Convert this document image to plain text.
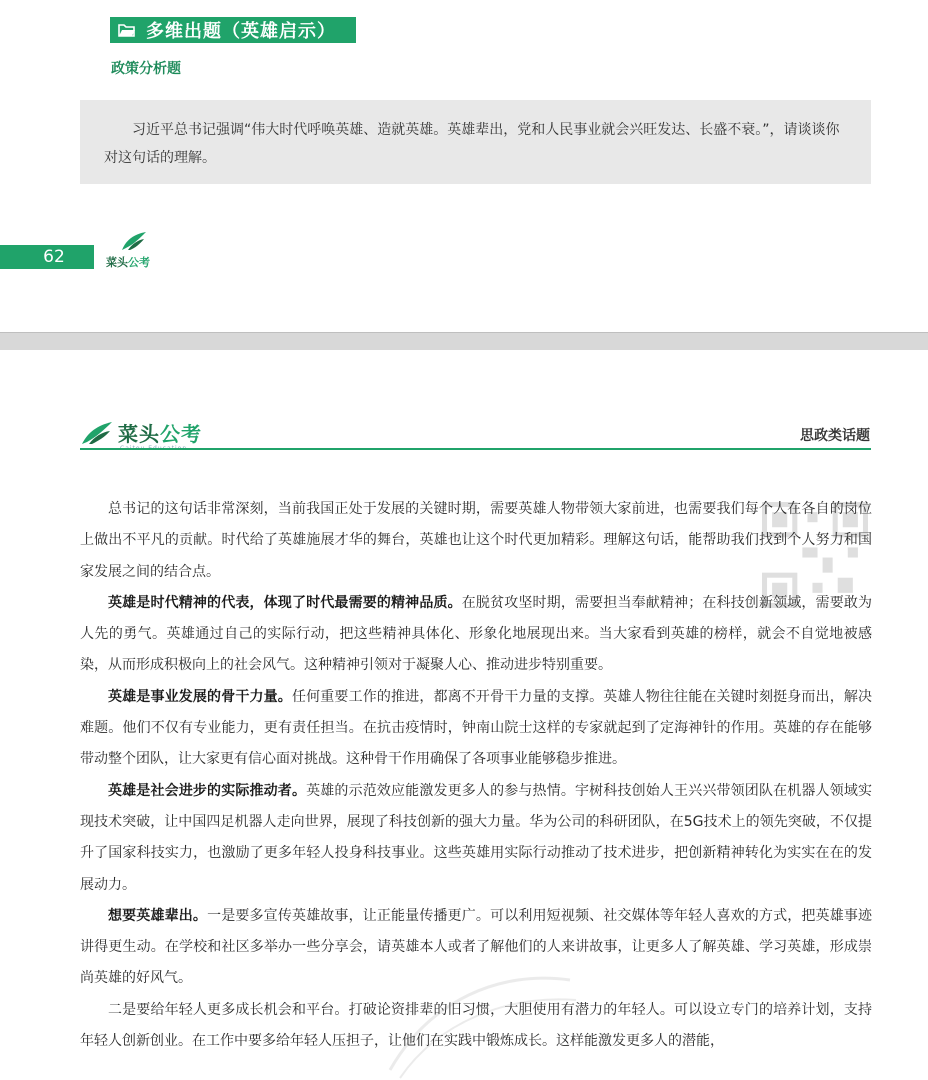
多维出题（英雄启示）
政策分析题

习近平总书记强调“伟大时代呼唤英雄、造就英雄。英雄辈出，党和人民事业就会兴旺发达、长盛不衰。”，请谈谈你对这句话的理解。

62	菜头公考
菜头公考	思政类话题

总书记的这句话非常深刻，当前我国正处于发展的关键时期，需要英雄人物带领大家前进，也需要我们每个人在各自的岗位上做出不平凡的贡献。时代给了英雄施展才华的舞台，英雄也让这个时代更加精彩。理解这句话，能帮助我们找到个人努力和国家发展之间的结合点。

英雄是时代精神的代表，体现了时代最需要的精神品质。在脱贫攻坚时期，需要担当奉献精神；在科技创新领域，需要敢为人先的勇气。英雄通过自己的实际行动，把这些精神具体化、形象化地展现出来。当大家看到英雄的榜样，就会不自觉地被感染，从而形成积极向上的社会风气。这种精神引领对于凝聚人心、推动进步特别重要。

英雄是事业发展的骨干力量。任何重要工作的推进，都离不开骨干力量的支撑。英雄人物往往能在关键时刻挺身而出，解决难题。他们不仅有专业能力，更有责任担当。在抗击疫情时，钟南山院士这样的专家就起到了定海神针的作用。英雄的存在能够带动整个团队，让大家更有信心面对挑战。这种骨干作用确保了各项事业能够稳步推进。

英雄是社会进步的实际推动者。英雄的示范效应能激发更多人的参与热情。宇树科技创始人王兴兴带领团队在机器人领域实现技术突破，让中国四足机器人走向世界，展现了科技创新的强大力量。华为公司的科研团队，在5G技术上的领先突破，不仅提升了国家科技实力，也激励了更多年轻人投身科技事业。这些英雄用实际行动推动了技术进步，把创新精神转化为实实在在的发展动力。

想要英雄辈出。一是要多宣传英雄故事，让正能量传播更广。可以利用短视频、社交媒体等年轻人喜欢的方式，把英雄事迹讲得更生动。在学校和社区多举办一些分享会，请英雄本人或者了解他们的人来讲故事，让更多人了解英雄、学习英雄，形成崇尚英雄的好风气。

二是要给年轻人更多成长机会和平台。打破论资排辈的旧习惯，大胆使用有潜力的年轻人。可以设立专门的培养计划，支持年轻人创新创业。在工作中要多给年轻人压担子，让他们在实践中锻炼成长。这样能激发更多人的潜能，
